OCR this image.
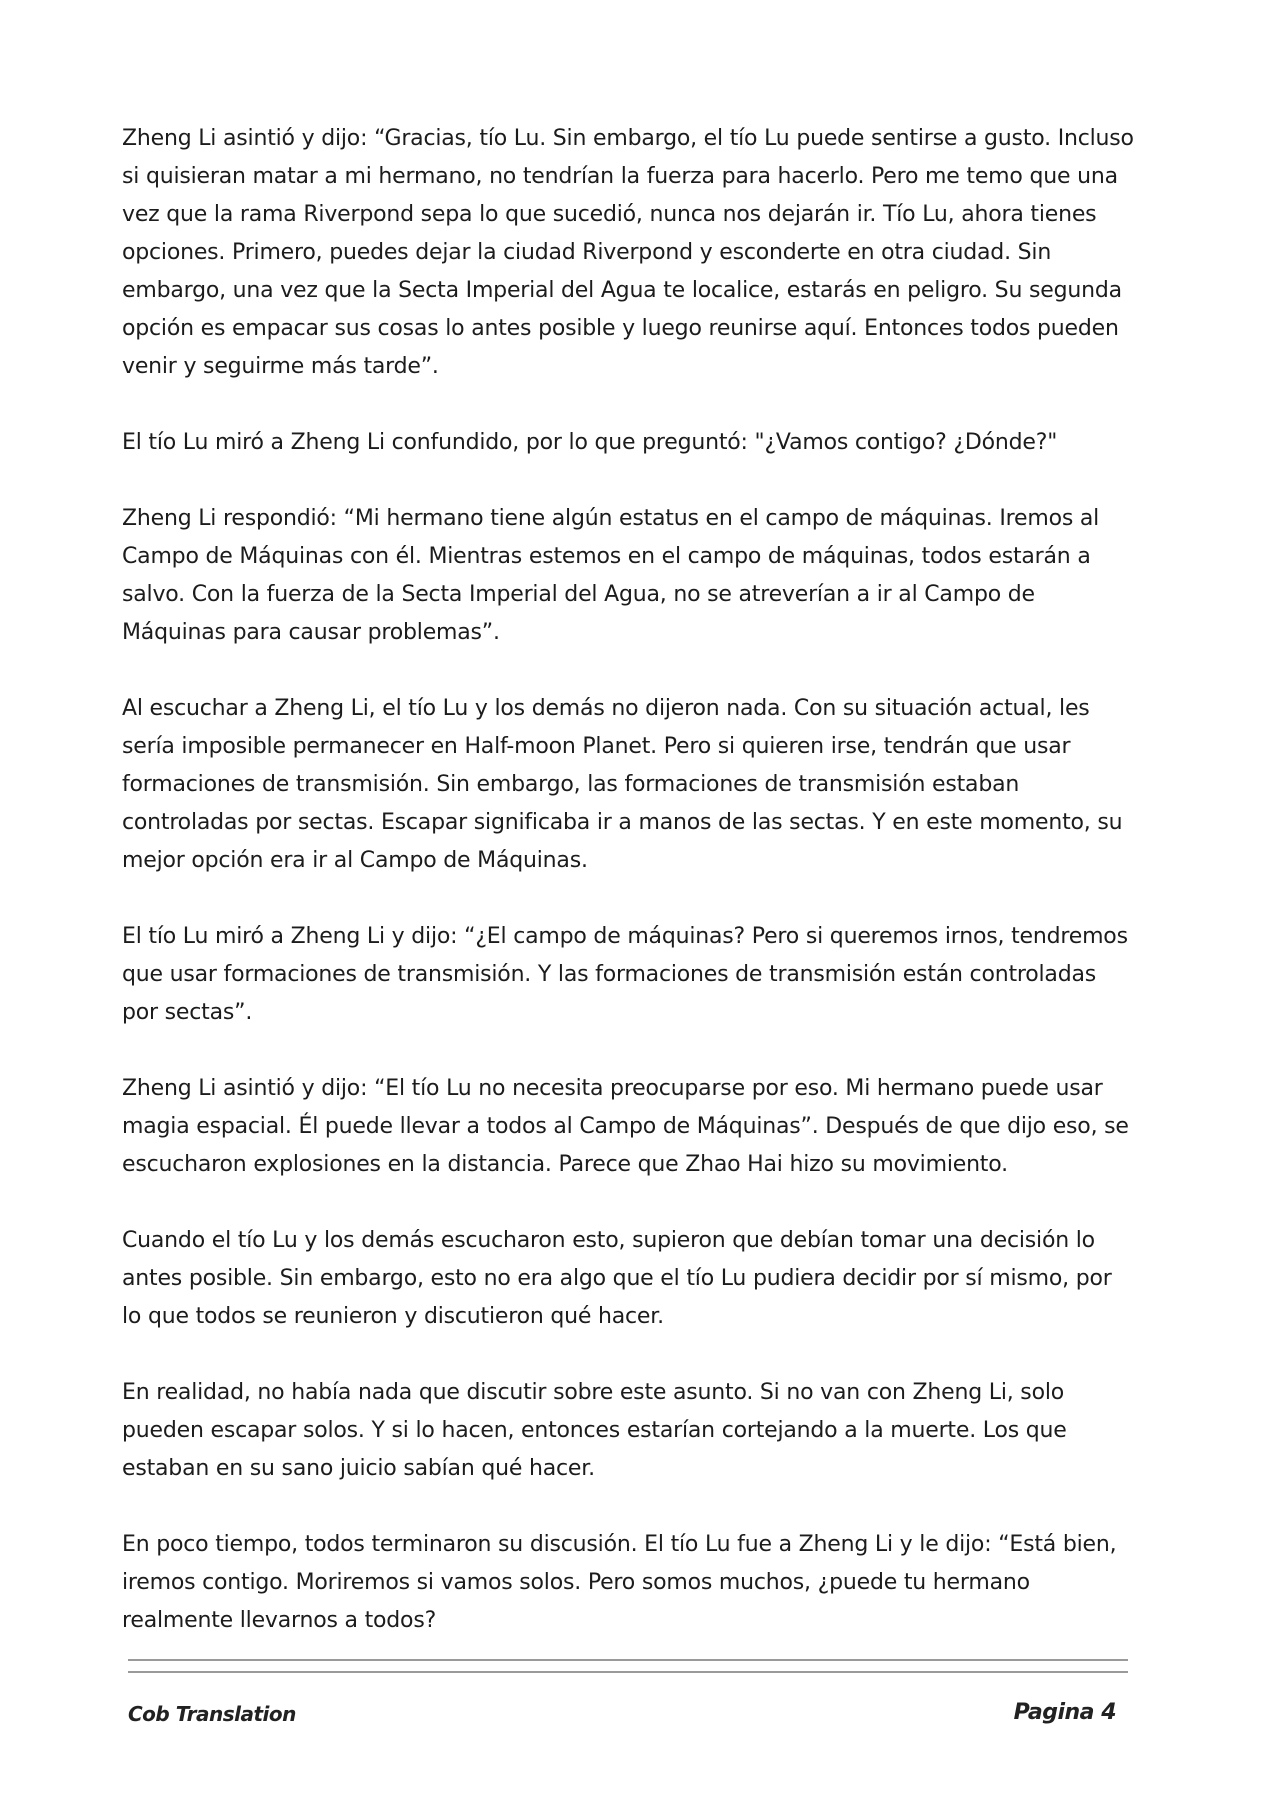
Zheng Li asintió y dijo: “Gracias, tío Lu. Sin embargo, el tío Lu puede sentirse a gusto. Incluso si quisieran matar a mi hermano, no tendrían la fuerza para hacerlo. Pero me temo que una vez que la rama Riverpond sepa lo que sucedió, nunca nos dejarán ir. Tío Lu, ahora tienes opciones. Primero, puedes dejar la ciudad Riverpond y esconderte en otra ciudad. Sin embargo, una vez que la Secta Imperial del Agua te localice, estarás en peligro. Su segunda opción es empacar sus cosas lo antes posible y luego reunirse aquí. Entonces todos pueden venir y seguirme más tarde”.

El tío Lu miró a Zheng Li confundido, por lo que preguntó: "¿Vamos contigo? ¿Dónde?"

Zheng Li respondió: “Mi hermano tiene algún estatus en el campo de máquinas. Iremos al Campo de Máquinas con él. Mientras estemos en el campo de máquinas, todos estarán a salvo. Con la fuerza de la Secta Imperial del Agua, no se atreverían a ir al Campo de Máquinas para causar problemas”.

Al escuchar a Zheng Li, el tío Lu y los demás no dijeron nada. Con su situación actual, les sería imposible permanecer en Half-moon Planet. Pero si quieren irse, tendrán que usar formaciones de transmisión. Sin embargo, las formaciones de transmisión estaban controladas por sectas. Escapar significaba ir a manos de las sectas. Y en este momento, su mejor opción era ir al Campo de Máquinas.

El tío Lu miró a Zheng Li y dijo: “¿El campo de máquinas? Pero si queremos irnos, tendremos que usar formaciones de transmisión. Y las formaciones de transmisión están controladas por sectas”.

Zheng Li asintió y dijo: “El tío Lu no necesita preocuparse por eso. Mi hermano puede usar magia espacial. Él puede llevar a todos al Campo de Máquinas”. Después de que dijo eso, se escucharon explosiones en la distancia. Parece que Zhao Hai hizo su movimiento.

Cuando el tío Lu y los demás escucharon esto, supieron que debían tomar una decisión lo antes posible. Sin embargo, esto no era algo que el tío Lu pudiera decidir por sí mismo, por lo que todos se reunieron y discutieron qué hacer.

En realidad, no había nada que discutir sobre este asunto. Si no van con Zheng Li, solo pueden escapar solos. Y si lo hacen, entonces estarían cortejando a la muerte. Los que estaban en su sano juicio sabían qué hacer.

En poco tiempo, todos terminaron su discusión. El tío Lu fue a Zheng Li y le dijo: “Está bien, iremos contigo. Moriremos si vamos solos. Pero somos muchos, ¿puede tu hermano realmente llevarnos a todos?

Cob Translation	Pagina 4
